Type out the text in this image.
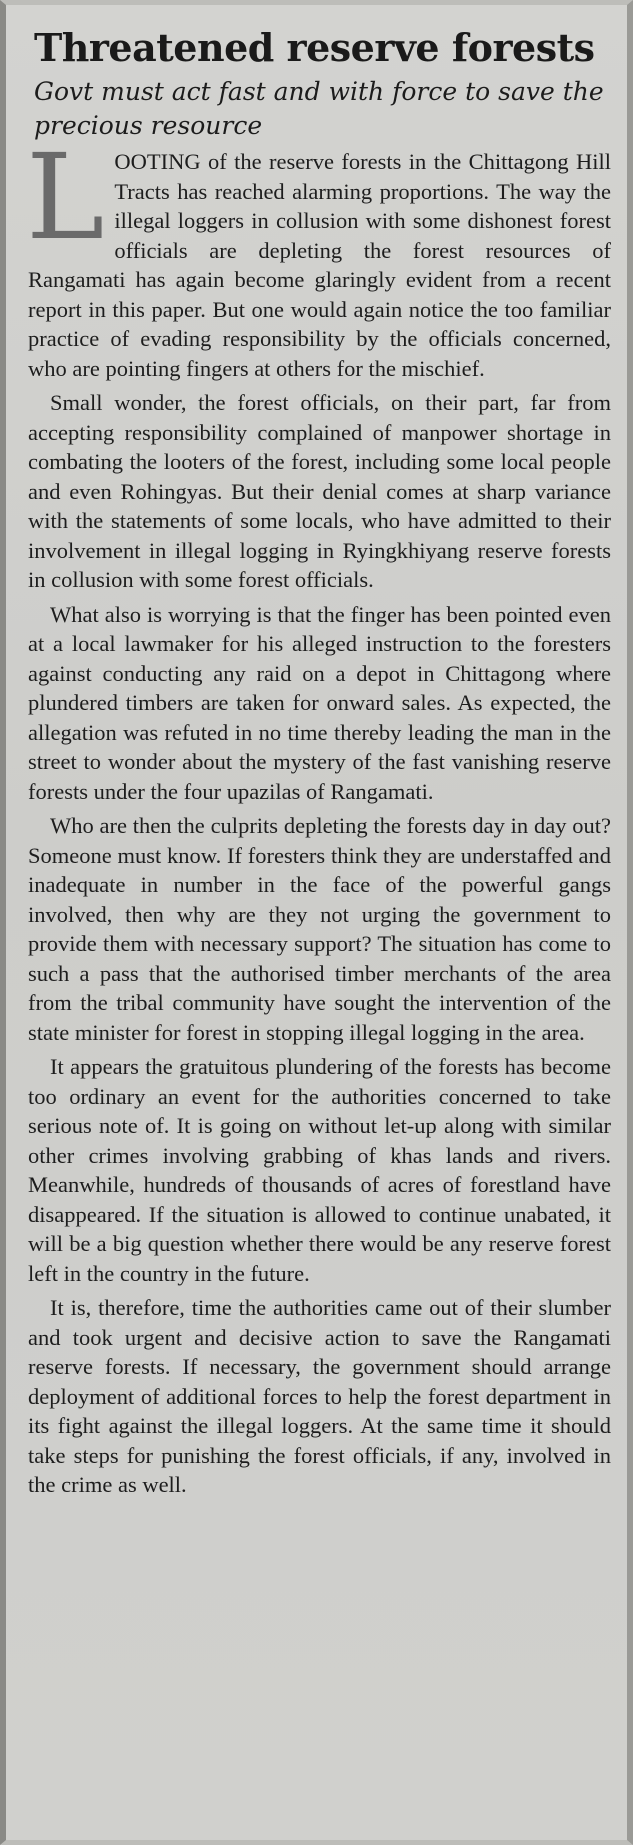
Threatened reserve forests
Govt must act fast and with force to save the precious resource

LOOTING of the reserve forests in the Chittagong Hill Tracts has reached alarming proportions. The way the illegal loggers in collusion with some dishonest forest officials are depleting the forest resources of Rangamati has again become glaringly evident from a recent report in this paper. But one would again notice the too familiar practice of evading responsibility by the officials concerned, who are pointing fingers at others for the mischief.

Small wonder, the forest officials, on their part, far from accepting responsibility complained of manpower shortage in combating the looters of the forest, including some local people and even Rohingyas. But their denial comes at sharp variance with the statements of some locals, who have admitted to their involvement in illegal logging in Ryingkhiyang reserve forests in collusion with some forest officials.

What also is worrying is that the finger has been pointed even at a local lawmaker for his alleged instruction to the foresters against conducting any raid on a depot in Chittagong where plundered timbers are taken for onward sales. As expected, the allegation was refuted in no time thereby leading the man in the street to wonder about the mystery of the fast vanishing reserve forests under the four upazilas of Rangamati.

Who are then the culprits depleting the forests day in day out? Someone must know. If foresters think they are understaffed and inadequate in number in the face of the powerful gangs involved, then why are they not urging the government to provide them with necessary support? The situation has come to such a pass that the authorised timber merchants of the area from the tribal community have sought the intervention of the state minister for forest in stopping illegal logging in the area.

It appears the gratuitous plundering of the forests has become too ordinary an event for the authorities concerned to take serious note of. It is going on without let-up along with similar other crimes involving grabbing of khas lands and rivers. Meanwhile, hundreds of thousands of acres of forestland have disappeared. If the situation is allowed to continue unabated, it will be a big question whether there would be any reserve forest left in the country in the future.

It is, therefore, time the authorities came out of their slumber and took urgent and decisive action to save the Rangamati reserve forests. If necessary, the government should arrange deployment of additional forces to help the forest department in its fight against the illegal loggers. At the same time it should take steps for punishing the forest officials, if any, involved in the crime as well.
